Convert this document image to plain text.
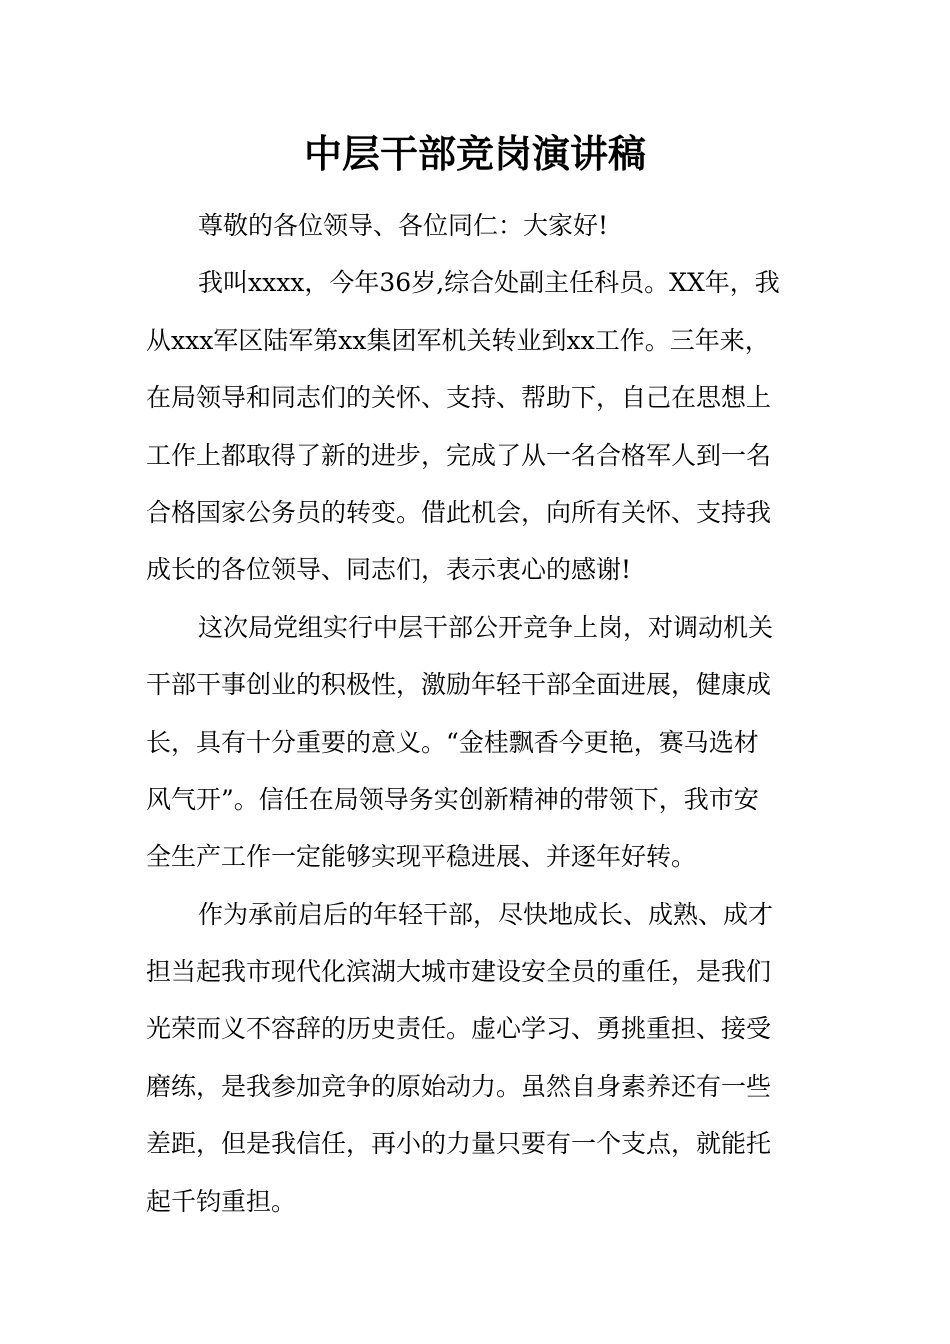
中层干部竞岗演讲稿
尊敬的各位领导、各位同仁：大家好!
我叫xxxx，今年36岁,综合处副主任科员。XX年，我
从xxx军区陆军第xx集团军机关转业到xx工作。三年来，
在局领导和同志们的关怀、支持、帮助下，自己在思想上
工作上都取得了新的进步，完成了从一名合格军人到一名
合格国家公务员的转变。借此机会，向所有关怀、支持我
成长的各位领导、同志们，表示衷心的感谢!
这次局党组实行中层干部公开竞争上岗，对调动机关
干部干事创业的积极性，激励年轻干部全面进展，健康成
长，具有十分重要的意义。“金桂飘香今更艳，赛马选材
风气开”。信任在局领导务实创新精神的带领下，我市安
全生产工作一定能够实现平稳进展、并逐年好转。
作为承前启后的年轻干部，尽快地成长、成熟、成才
担当起我市现代化滨湖大城市建设安全员的重任，是我们
光荣而义不容辞的历史责任。虚心学习、勇挑重担、接受
磨练，是我参加竞争的原始动力。虽然自身素养还有一些
差距，但是我信任，再小的力量只要有一个支点，就能托
起千钧重担。
